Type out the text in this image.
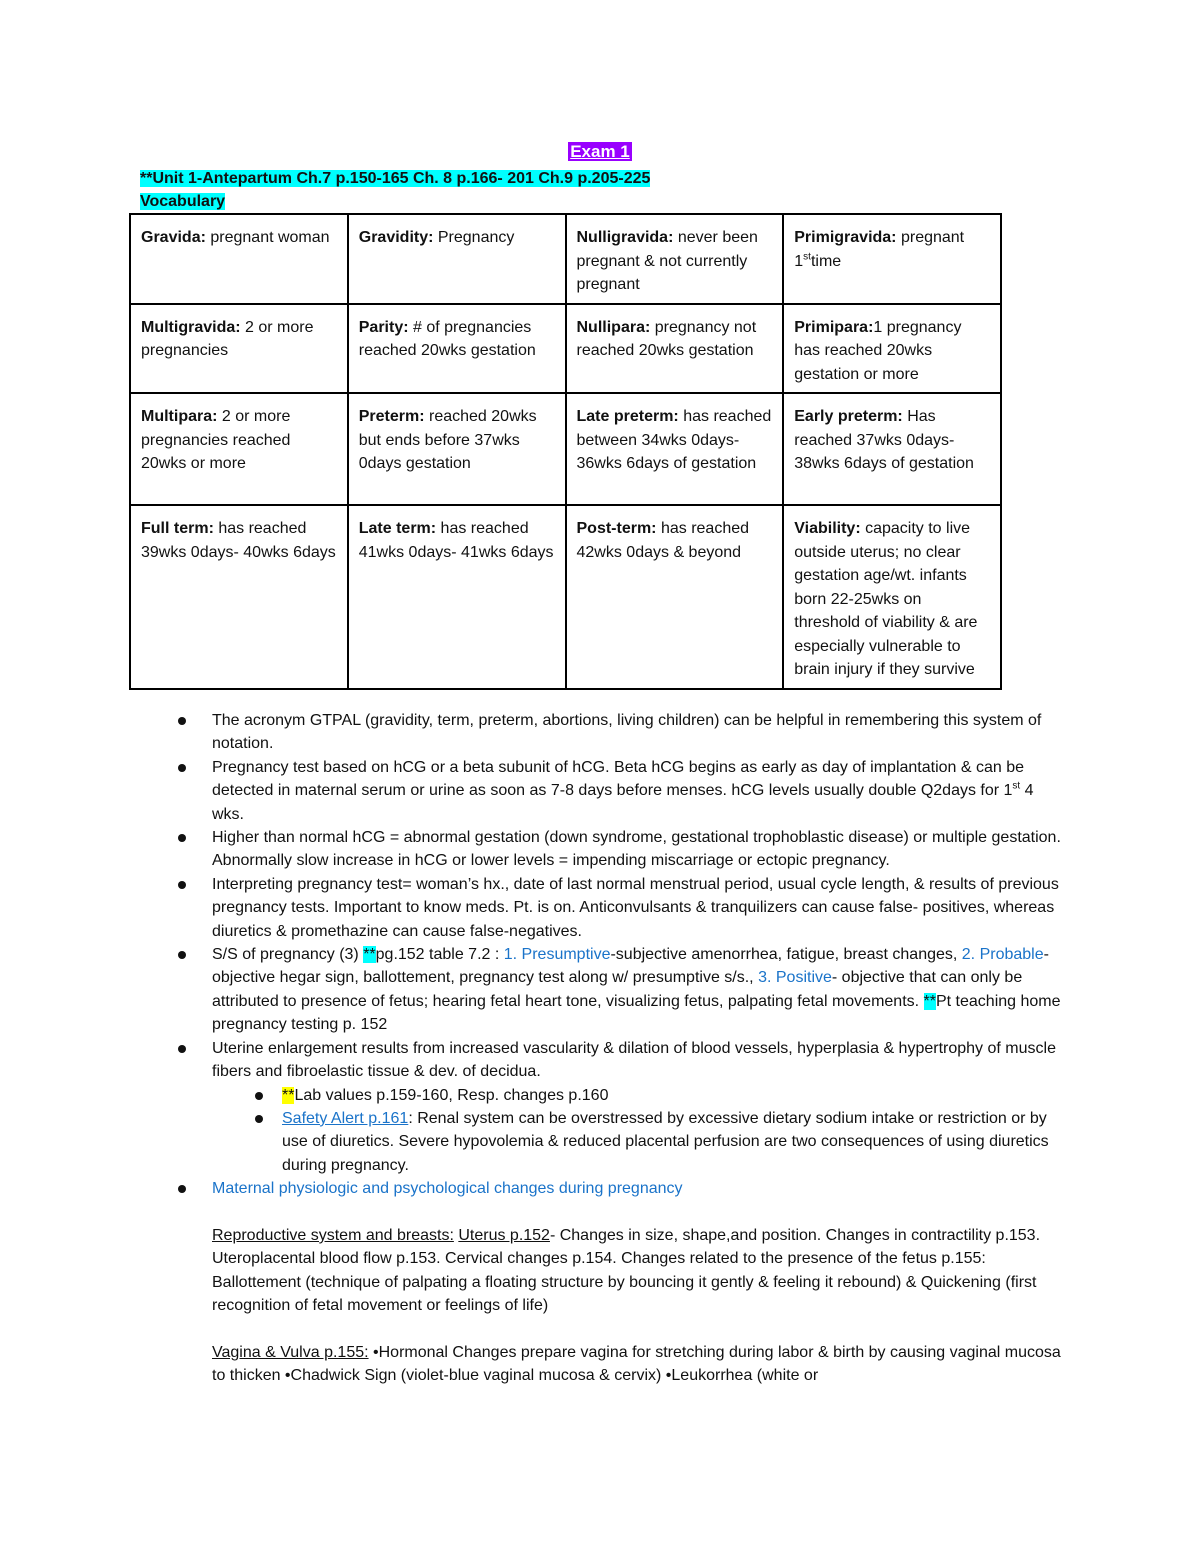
Exam 1
**Unit 1-Antepartum Ch.7 p.150-165 Ch. 8 p.166- 201 Ch.9 p.205-225
Vocabulary
Gravida: pregnant woman	Gravidity: Pregnancy	Nulligravida: never been pregnant & not currently pregnant	Primigravida: pregnant 1sttime
Multigravida: 2 or more pregnancies	Parity: # of pregnancies reached 20wks gestation	Nullipara: pregnancy not reached 20wks gestation	Primipara:1 pregnancy has reached 20wks gestation or more
Multipara: 2 or more pregnancies reached 20wks or more	Preterm: reached 20wks but ends before 37wks 0days gestation	Late preterm: has reached between 34wks 0days-36wks 6days of gestation	Early preterm: Has reached 37wks 0days- 38wks 6days of gestation
Full term: has reached 39wks 0days- 40wks 6days	Late term: has reached 41wks 0days- 41wks 6days	Post-term: has reached 42wks 0days & beyond	Viability: capacity to live outside uterus; no clear gestation age/wt. infants born 22-25wks on threshold of viability & are especially vulnerable to brain injury if they survive
The acronym GTPAL (gravidity, term, preterm, abortions, living children) can be helpful in remembering this system of notation.
Pregnancy test based on hCG or a beta subunit of hCG. Beta hCG begins as early as day of implantation & can be detected in maternal serum or urine as soon as 7-8 days before menses. hCG levels usually double Q2days for 1st 4 wks.
Higher than normal hCG = abnormal gestation (down syndrome, gestational trophoblastic disease) or multiple gestation. Abnormally slow increase in hCG or lower levels = impending miscarriage or ectopic pregnancy.
Interpreting pregnancy test= woman’s hx., date of last normal menstrual period, usual cycle length, & results of previous pregnancy tests. Important to know meds. Pt. is on. Anticonvulsants & tranquilizers can cause false- positives, whereas diuretics & promethazine can cause false-negatives.
S/S of pregnancy (3) **pg.152 table 7.2 : 1. Presumptive-subjective amenorrhea, fatigue, breast changes, 2. Probable- objective hegar sign, ballottement, pregnancy test along w/ presumptive s/s., 3. Positive- objective that can only be attributed to presence of fetus; hearing fetal heart tone, visualizing fetus, palpating fetal movements. **Pt teaching home pregnancy testing p. 152
Uterine enlargement results from increased vascularity & dilation of blood vessels, hyperplasia & hypertrophy of muscle fibers and fibroelastic tissue & dev. of decidua.
**Lab values p.159-160, Resp. changes p.160
Safety Alert p.161: Renal system can be overstressed by excessive dietary sodium intake or restriction or by use of diuretics. Severe hypovolemia & reduced placental perfusion are two consequences of using diuretics during pregnancy.
Maternal physiologic and psychological changes during pregnancy
Reproductive system and breasts: Uterus p.152- Changes in size, shape,and position. Changes in contractility p.153. Uteroplacental blood flow p.153. Cervical changes p.154. Changes related to the presence of the fetus p.155: Ballottement (technique of palpating a floating structure by bouncing it gently & feeling it rebound) & Quickening (first recognition of fetal movement or feelings of life)
Vagina & Vulva p.155: •Hormonal Changes prepare vagina for stretching during labor & birth by causing vaginal mucosa to thicken •Chadwick Sign (violet-blue vaginal mucosa & cervix) •Leukorrhea (white or
